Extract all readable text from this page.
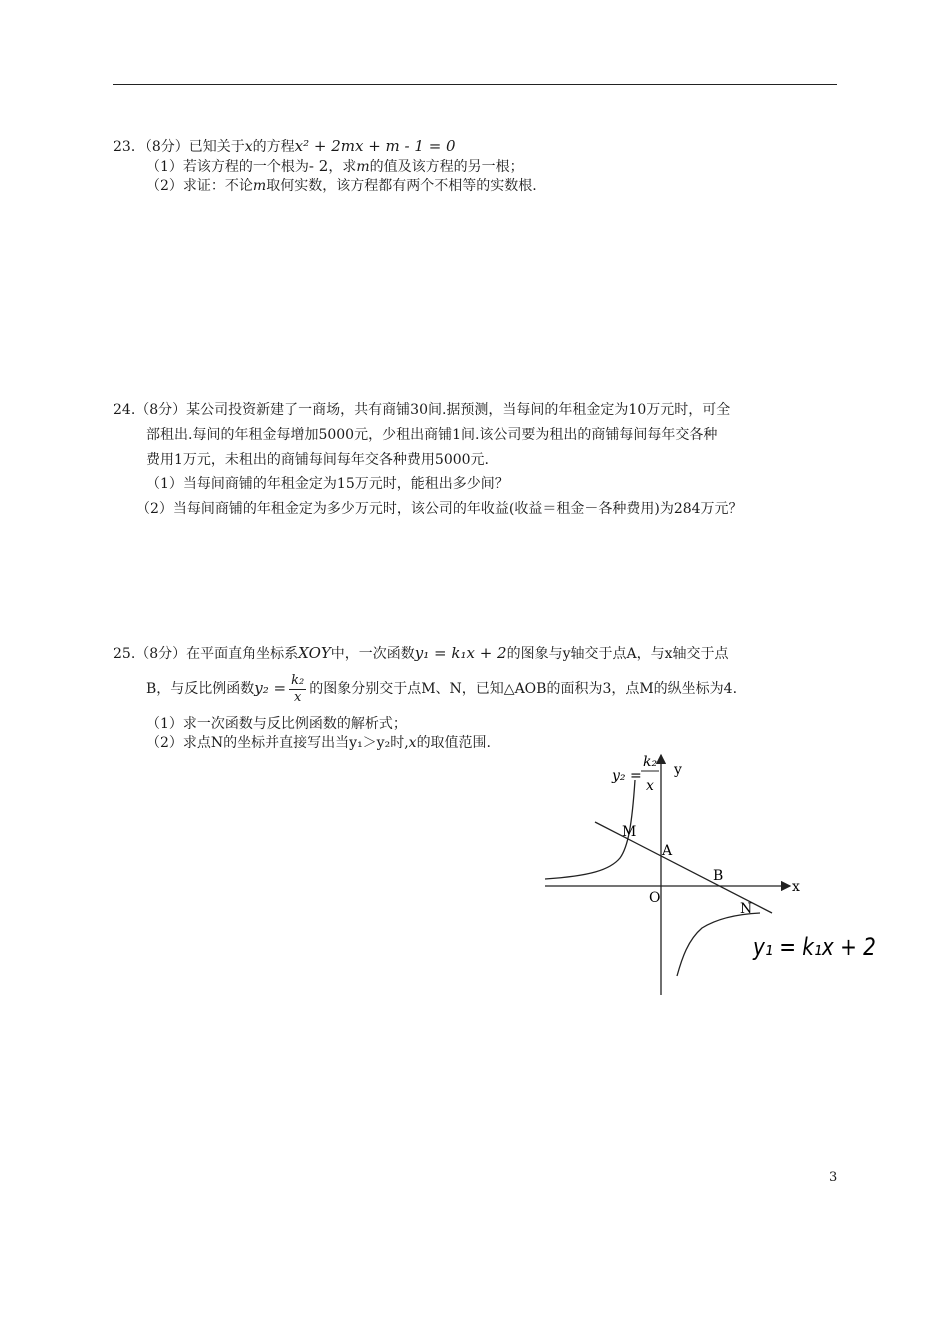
23．（8分）已知关于x的方程x² + 2mx + m - 1 = 0
（1）若该方程的一个根为- 2，求m的值及该方程的另一根；
（2）求证：不论m取何实数，该方程都有两个不相等的实数根.
24.（8分）某公司投资新建了一商场，共有商铺30间.据预测，当每间的年租金定为10万元时，可全
部租出.每间的年租金每增加5000元，少租出商铺1间.该公司要为租出的商铺每间每年交各种
费用1万元，未租出的商铺每间每年交各种费用5000元.
（1）当每间商铺的年租金定为15万元时，能租出多少间？
（2）当每间商铺的年租金定为多少万元时，该公司的年收益(收益＝租金－各种费用)为284万元？
25.（8分）在平面直角坐标系XOY中，一次函数y₁ = k₁x + 2的图象与y轴交于点A，与x轴交于点
B，与反比例函数$y_2 = \frac{\text{k₂}}{x}$ 的图象分别交于点M、N，已知△AOB的面积为3，点M的纵坐标为4.
（1）求一次函数与反比例函数的解析式；
（2）求点N的坐标并直接写出当y₁＞y₂时,x的取值范围.
y₂ =
k₂
x
y
x
O
M
A
B
N
y₁ = k₁x + 2
3
